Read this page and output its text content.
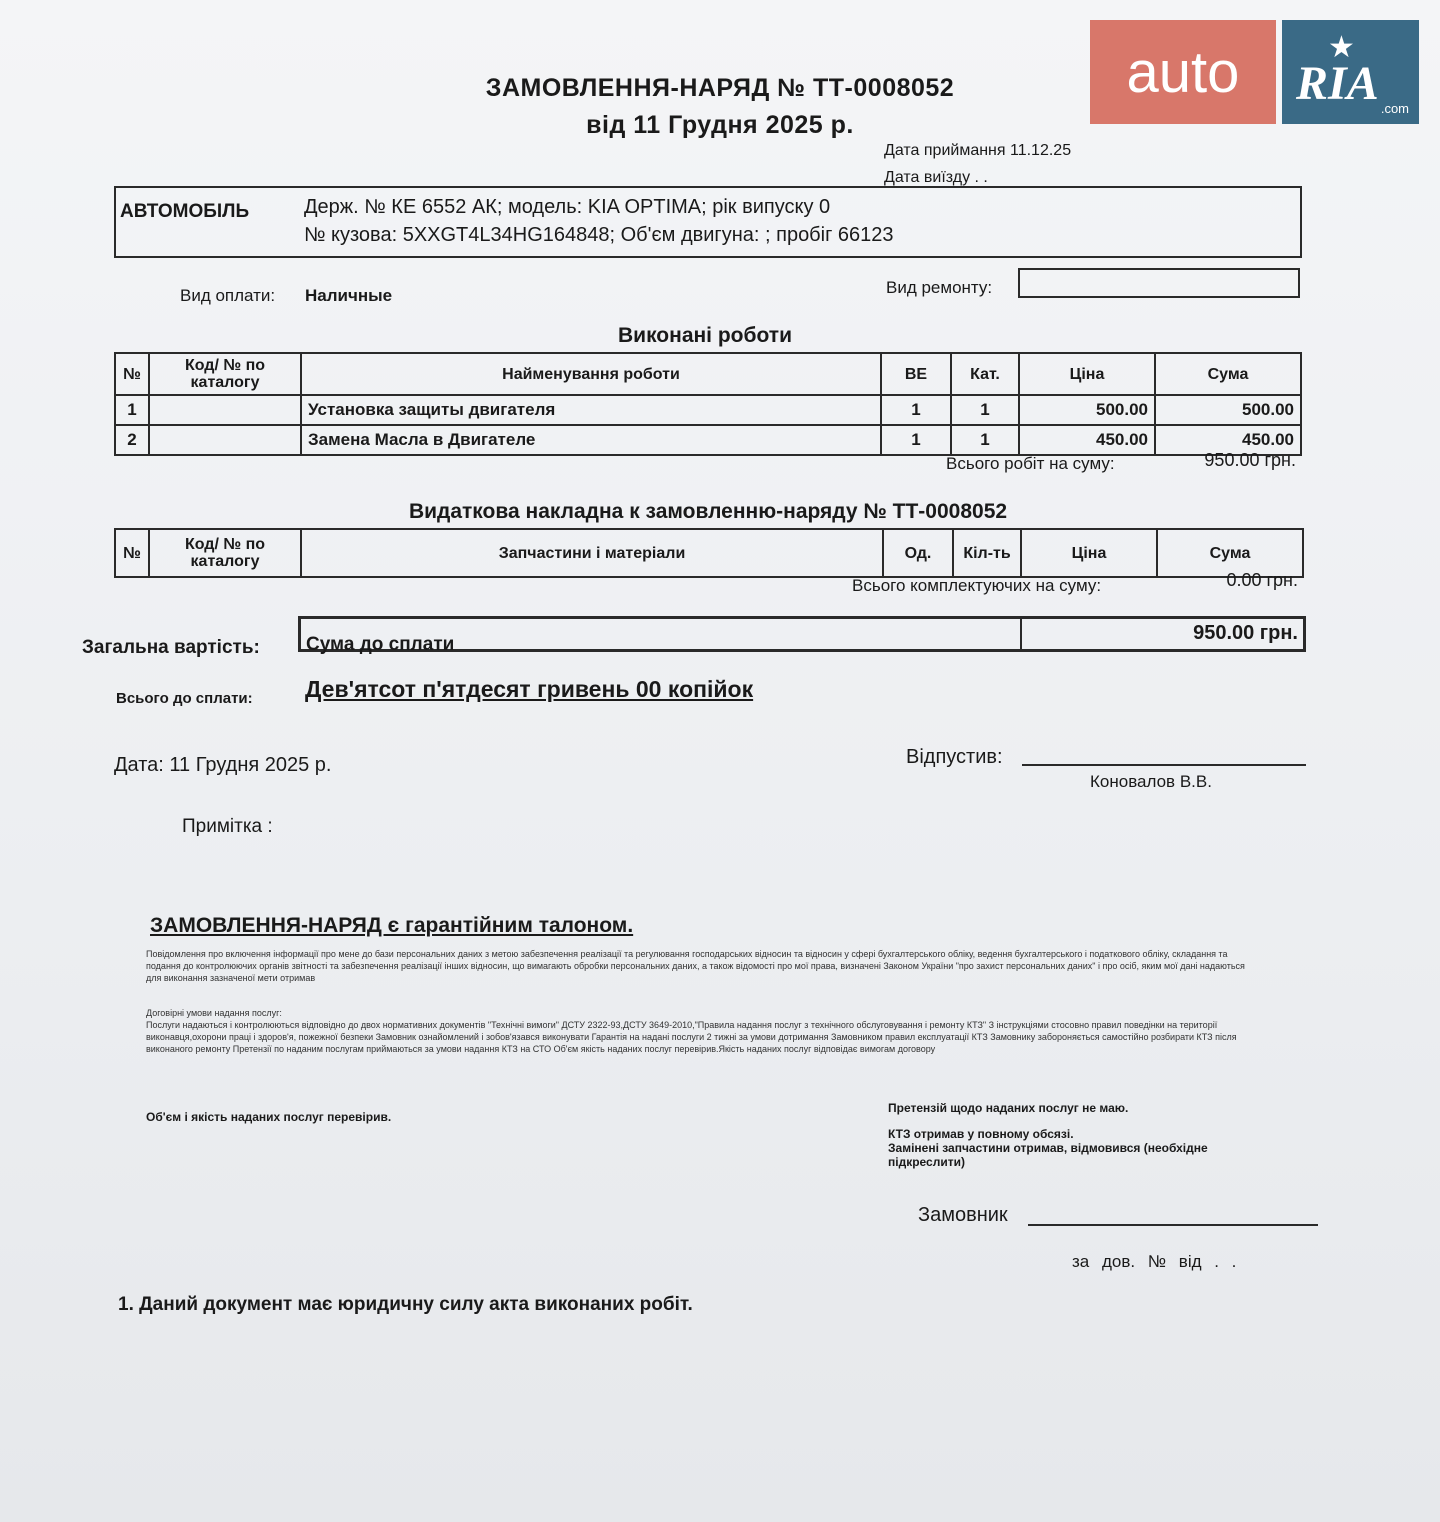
auto	★
RIA .com
ЗАМОВЛЕННЯ-НАРЯД № ТТ-0008052
від 11 Грудня 2025 р.
Дата приймання 11.12.25
Дата виїзду . .
АВТОМОБІЛЬ	Держ. № КЕ 6552 АК; модель: KIA OPTIMA; рік випуску 0
№ кузова: 5XXGT4L34HG164848; Об'єм двигуна: ; пробіг 66123
Вид оплати: Наличные	Вид ремонту:
Виконані роботи
№	Код/ № по каталогу	Найменування роботи	ВЕ	Кат.	Ціна	Сума
1		Установка защиты двигателя	1	1	500.00	500.00
2		Замена Масла в Двигателе	1	1	450.00	450.00
Всього робіт на суму:	950.00 грн.
Видаткова накладна к замовленню-наряду № ТТ-0008052
№	Код/ № по каталогу	Запчастини і матеріали	Од.	Кіл-ть	Ціна	Сума
Всього комплектуючих на суму:	0.00 грн.
Загальна вартість: Сума до сплати
950.00 грн.
Всього до сплати: Дев'ятсот п'ятдесят гривень 00 копійок
Дата: 11 Грудня 2025 р.	Відпустив:
Коновалов В.В.
Примітка :
ЗАМОВЛЕННЯ-НАРЯД є гарантійним талоном.
Повідомлення про включення інформації про мене до бази персональних даних з метою забезпечення реалізації та регулювання господарських відносин та відносин у сфері бухгалтерського обліку, ведення бухгалтерського і податкового обліку, складання та подання до контролюючих органів звітності та забезпечення реалізації інших відносин, що вимагають обробки персональних даних, а також відомості про мої права, визначені Законом України "про захист персональних даних" і про осіб, яким мої дані надаються для виконання зазначеної мети отримав
Договірні умови надання послуг:
Послуги надаються і контролюються відповідно до двох нормативних документів "Технічні вимоги" ДСТУ 2322-93,ДСТУ 3649-2010,"Правила надання послуг з технічного обслуговування і ремонту КТЗ" З інструкціями стосовно правил поведінки на території виконавця,охорони праці і здоров'я, пожежної безпеки Замовник ознайомлений і зобов'язався виконувати Гарантія на надані послуги 2 тижні за умови дотримання Замовником правил експлуатації КТЗ Замовнику забороняється самостійно розбирати КТЗ після виконаного ремонту Претензії по наданим послугам приймаються за умови надання КТЗ на СТО Об'єм якість наданих послуг перевірив.Якість наданих послуг відповідає вимогам договору
Об'єм і якість наданих послуг перевірив.
Претензій щодо наданих послуг не маю.
КТЗ отримав у повному обсязі.
Замінені запчастини отримав, відмовився (необхідне підкреслити)
Замовник
за дов. № від . .
1. Даний документ має юридичну силу акта виконаних робіт.
